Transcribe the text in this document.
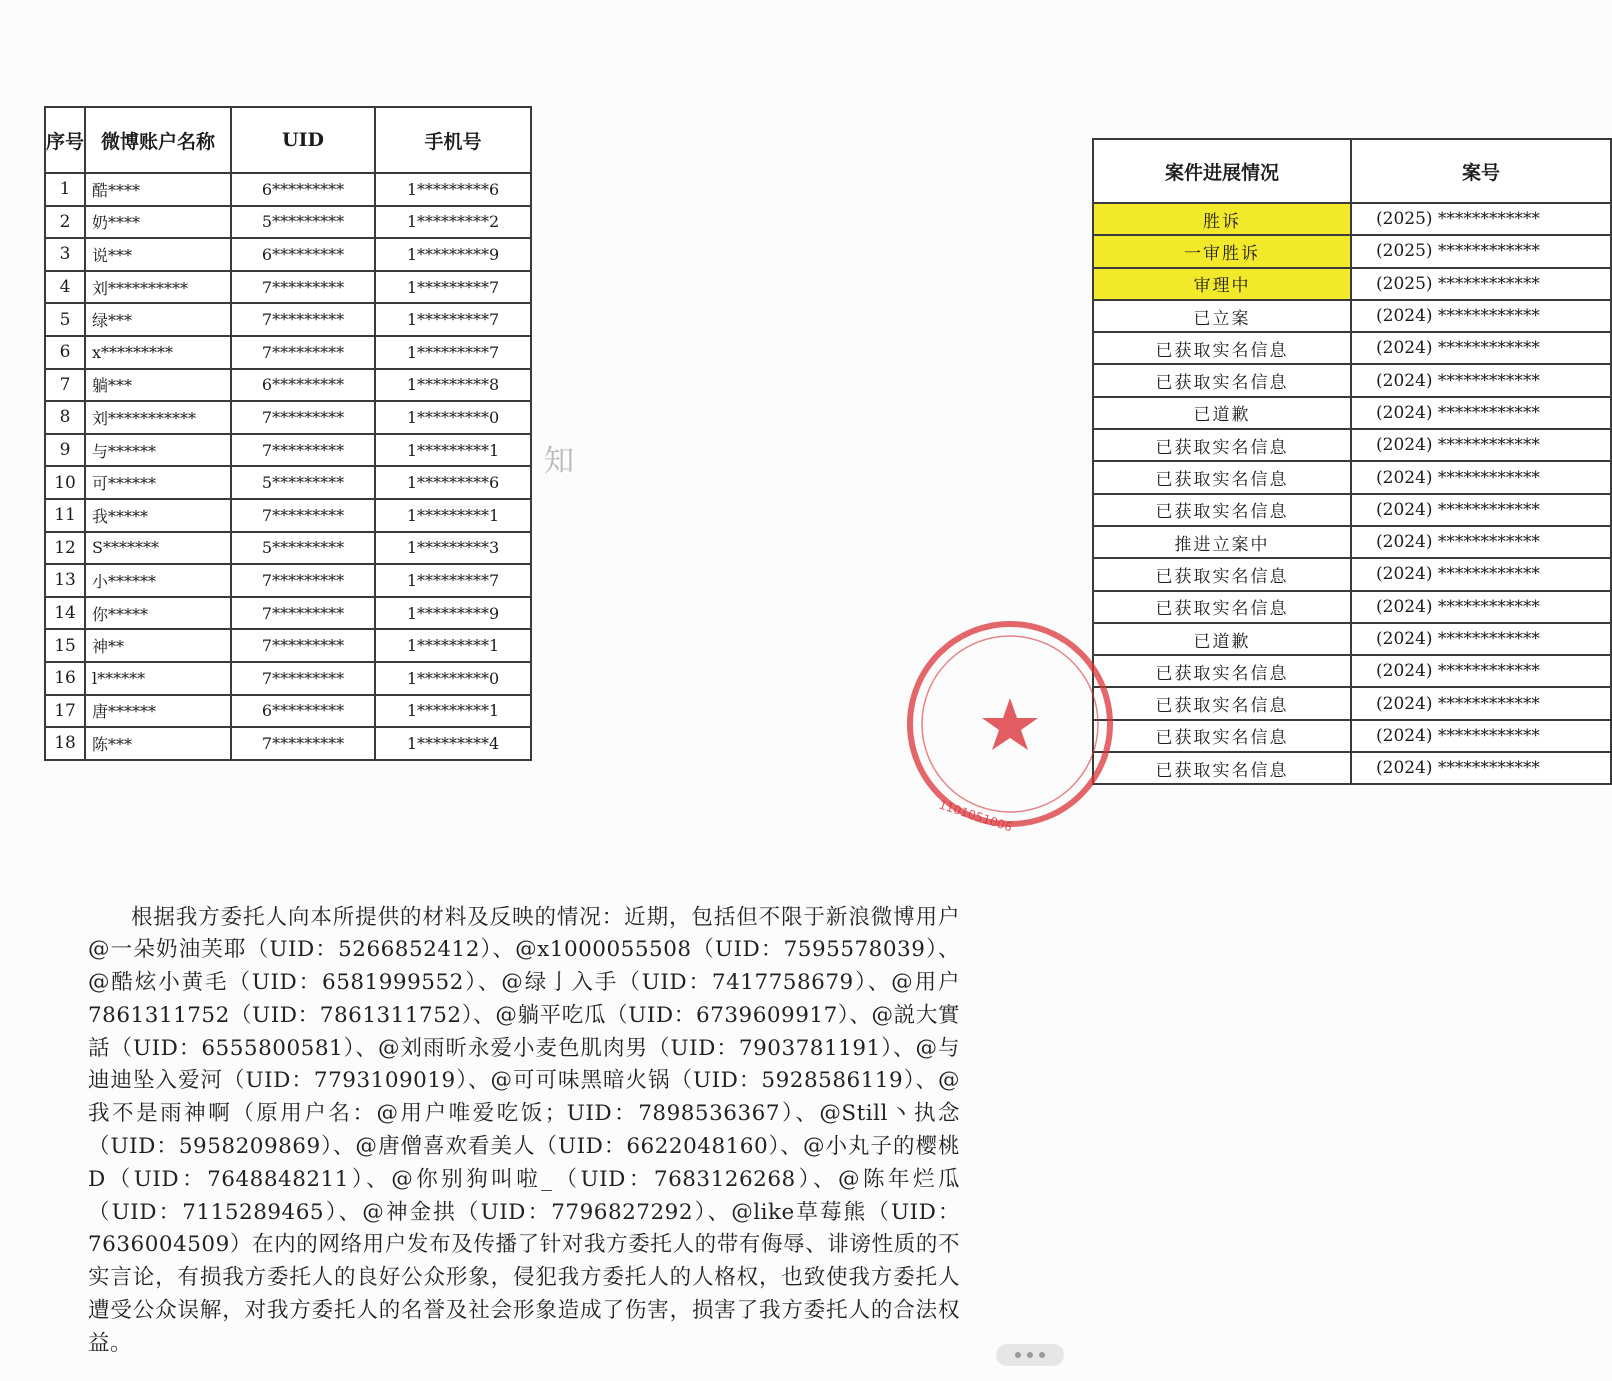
序号	微博账户名称	UID	手机号
1	酷****	6*********	1*********6
2	奶****	5*********	1*********2
3	说***	6*********	1*********9
4	刘**********	7*********	1*********7
5	绿***	7*********	1*********7
6	x*********	7*********	1*********7
7	躺***	6*********	1*********8
8	刘***********	7*********	1*********0
9	与******	7*********	1*********1
10	可******	5*********	1*********6
11	我*****	7*********	1*********1
12	S*******	5*********	1*********3
13	小******	7*********	1*********7
14	你*****	7*********	1*********9
15	神**	7*********	1*********1
16	l******	7*********	1*********0
17	唐******	6*********	1*********1
18	陈***	7*********	1*********4
案件进展情况	案号
胜诉	(2025) ************
一审胜诉	(2025) ************
审理中	(2025) ************
已立案	(2024) ************
已获取实名信息	(2024) ************
已获取实名信息	(2024) ************
已道歉	(2024) ************
已获取实名信息	(2024) ************
已获取实名信息	(2024) ************
已获取实名信息	(2024) ************
推进立案中	(2024) ************
已获取实名信息	(2024) ************
已获取实名信息	(2024) ************
已道歉	(2024) ************
已获取实名信息	(2024) ************
已获取实名信息	(2024) ************
已获取实名信息	(2024) ************
已获取实名信息	(2024) ************
知
1101051006

根据我方委托人向本所提供的材料及反映的情况：近期，包括但不限于新浪微博用户@一朵奶油芙耶（UID：5266852412）、@x1000055508（UID：7595578039）、@酷炫小黄毛（UID：6581999552）、@绿亅入手（UID：7417758679）、@用户7861311752（UID：7861311752）、@躺平吃瓜（UID：6739609917）、@説大實話（UID：6555800581）、@刘雨昕永爱小麦色肌肉男（UID：7903781191）、@与迪迪坠入爱河（UID：7793109019）、@可可味黑暗火锅（UID：5928586119）、@我不是雨神啊（原用户名：@用户唯爱吃饭；UID：7898536367）、@Still丶执念（UID：5958209869）、@唐僧喜欢看美人（UID：6622048160）、@小丸子的樱桃D（UID：7648848211）、@你别狗叫啦_（UID：7683126268）、@陈年烂瓜（UID：7115289465）、@神金拱（UID：7796827292）、@like草莓熊（UID：7636004509）在内的网络用户发布及传播了针对我方委托人的带有侮辱、诽谤性质的不实言论，有损我方委托人的良好公众形象，侵犯我方委托人的人格权，也致使我方委托人遭受公众误解，对我方委托人的名誉及社会形象造成了伤害，损害了我方委托人的合法权益。
